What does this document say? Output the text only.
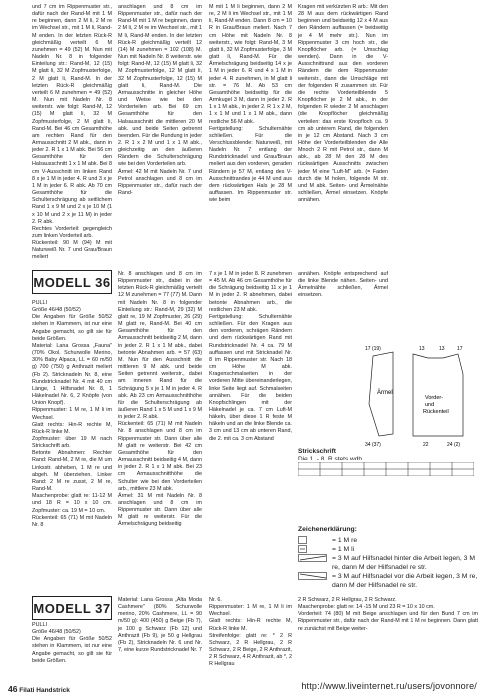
und 7 cm im Rippenmuster str., dafür nach der Rand-M mit 1 M re beginnen, dann 2 M li, 2 M re im Wechsel str., mit 1 M li, Rand-M enden. In der letzten Rück-R gleichmäßig verteilt 6 M zunehmen = 49 (52) M. Nun mit Nadeln Nr. 8 in folgender Einteilung str.: Rand-M, 12 (15) M glatt li, 32 M Zopfmusterfolge, 2 M glatt li, Rand-M. In der letzten Rück-R gleichmäßig verteilt 6 M zunehmen = 49 (52) M. Nun mit Nadeln Nr. 8 weiterstr. wie folgt: Rand-M, 12 (15) M glatt li, 32 M Zopfmusterfolge, 2 M glatt li, Rand-M. Bei 46 cm Gesamthöhe am rechten Rand für den Armausschnitt 2 M abk., dann in jeder 2. R 1 x 1 M abk. Bei 56 cm Gesamthöhe für den Halsausschnitt 1 x 1 M abk. Bei 8 cm V-Ausschnitt im linken Rand 8 x je 1 M in jeder 4. R und 3 x je 1 M in jeder 6. R abk. Ab 70 cm Gesamthöhe für die Schulterschrägung ab seitlichem Rand 1 x 9 M und 2 x je 10 M (1 x 10 M und 2 x je 11 M) in jeder 2. R abk.
Rechtes Vorderteil: gegengleich zum linken Vorderteil arb.
Rückenteil: 90 M (94) M mit Naturweiß Nr. 7 und Grau/Braun meliert
anschlagen und 8 cm im Rippenmuster str., dafür nach der Rand-M mit 1 M re beginnen, dann 2 M li, 2 M re im Wechsel str., mit 1 M li, Rand-M enden. In der letzten Rück-R gleichmäßig verteilt 12 (14) M zunehmen = 102 (108) M. Nun mit Nadeln Nr. 8 weiterstr. wie folgt: Rand-M, 12 (15) M glatt li, 32 M Zopfmusterfolge, 12 M glatt li, 32 M Zopfmusterfolge, 12 (15) M glatt li, Rand-M. Die Armausschnitte in gleicher Höhe und Weise wie bei den Vorderteilen arb. Bei 69 cm Gesamthöhe für den Halsausschnitt die mittleren 20 M abk. und beide Seiten getrennt beenden. Für die Rundung in jeder 2. R 1 x 2 M und 1 x 1 M abk., gleichzeitig an den äußeren Rändern die Schulterschrägung wie bei den Vorderteilen arb.
Ärmel: 42 M mit Nadeln Nr. 7 und Petrol anschlagen und 8 cm im Rippenmuster str., dafür nach der Rand-
M mit 1 M li beginnen, dann 2 M re, 2 M li im Wechsel str., mit 1 M li, Rand-M enden. Dann 8 cm = 10 R in Grau/Braun meliert. Nach 7 cm Höhe mit Nadeln Nr. 8 weiterstr., wie folgt: Rand-M, 3 M glatt li, 32 M Zopfmusterfolge, 3 M glatt li, Rand-M. Für die Ärmelschrägung beidseitig 14 x je 1 M in jeder 6. R und 4 x 1 M in jeder 4. R zunehmen, in M glatt li str. = 76 M. Ab 53 cm Gesamthöhe beidseitig für die Armkugel 3 M, dann in jeder 2. R 1 x 1 M abk., in jeder 2. R 1 x 2 M, 1 x 1 M und 1 x 1 M abk., dann restliche 56 M abk.
Fertigstellung: Schulternähte schließen. Für die Verschlussblende: Naturweiß, mit Nadeln Nr. 7 entlang der Rundstricknadel und Grau/Braun meliert aus den vorderen, geraden Rändern je 57 M, entlang des V-Ausschnittrandes je 44 M und aus dem rückwärtigen Hals je 28 M auffassen. Im Rippenmuster str. wie beim
Kragen mit verkürzten R arb.: Mit den 28 M aus dem rückwärtigen Rand beginnen und beidseitig 12 x 4 M aus den Rändern auffassen (= beidseitig je 4 M mehr str.). Nun im Rippenmuster 3 cm hoch str., die Knopflöcher arb. (= Umschlag wenden). Dann in die V-Ausschnittrand aus den vorderen Rändern die dem Rippenmuster weiterstr., dann die Umschläge mit der folgenden R zusammen str. Für die rechte Vorderteilblende 5 Knopflöcher je 2 M abk., in der folgenden R wieder 2 M anschlagen (die Knopflöcher gleichmäßig verteilen: das erste Knopfloch ca. 9 cm ab unterem Rand, die folgenden in je 12 cm Abstand. Nach 3 cm Höhe der Vorderteilblenden die Alle Mnoch 2 R mit Petrol str., dann M abk., ab 28 M den 28 M des rückwärtigen Ausschnitts zwischen jeder M eine "Luft-M" arb. (= Faden durch die M holen, folgende M str. und M abk. Seiten- und Ärmelnähte schließen, Ärmel einsetzen. Knöpfe annähen.
MODELL 36
PULLI
Größe 46/48 (50/52)
Die Angaben für Größe 50/52 stehen in Klammern, ist nur eine Angabe gemacht, so gilt sie für beide Größen.
Material: Lana Grossa „Fauna" (70% Okol. Schurwolle Merino, 30% Baby Alpaca, LL = 60 m/50 g) 700 (750) g Anthrazit meliert (Fb 2). Stricknadeln Nr. 8, eine Rundstricknadel Nr. 4 mit 40 cm Länge, 1 Hilfsnadel Nr. 8, 1 Häkelnadel Nr. 6, 2 Knöpfe (von Union Knopf).
Rippenmuster: 1 M re, 1 M li im Wechsel.
Glatt rechts: Hin-R rechte M, Rück-R linke M.
Zopfmuster: über 19 M nach Strickschrift arb.
Betonte Abnahmen: Rechter Rand: Rand-M, 2 M re, die M um Linksstr. abheben, 1 M re und abgeh. M überziehen. Linker Rand: 2 M re zusst, 2 M re, Rand-M.
Maschenprobe: glatt re: 11-12 M und 18 R = 10 x 10 cm. Zopfmuster: ca. 19 M = 10 cm.
Rückenteil: 65 (71) M mit Nadeln Nr. 8
Nr. 8 anschlagen und 8 cm im Rippenmuster str., dabei in der letzten Rück-R gleichmäßig verteilt 12 M zunehmen = 77 (77) M. Dann mit Nadeln Nr. 8 in folgender Einteilung str.: Rand-M, 29 (32) M glatt re, 19 M Zopfmuster, 26 (29) M glatt re, Rand-M. Bei 40 cm Gesamthöhe für den Armausschnitt beidseitig 2 M, dann in jeder 2. R 1 x 1 M abk., dabei betonte Abnahmen arb. = 57 (63) M. Nun für den Ausschnitt die mittleren 9 M abk. und beide Seiten getrennt weiterstr., dabei am inneren Rand für die Schrägung 5 x je 1 M in jeder 4. R abk. Ab 23 cm Armausschnitthöhe für die Schulterschrägung ab äußeren Rand 1 x 5 M und 1 x 9 M in jeder 2. R abk.
Rückenteil: 65 (71) M mit Nadeln Nr. 8 anschlagen und 8 cm im Rippenmuster str. Dann über alle M glatt re weiterstr. Bei 42 cm Gesamthöhe für den Armausschnitt beidseitig 4 M, dann in jeder 2. R 1 x 1 M abk. Bei 23 cm Armausschnitthöhe die Schulter wie bei den Vorderteilen arb., mittlere 23 M abk.
Ärmel: 31 M mit Nadeln Nr. 8 anschlagen und 8 cm im Rippenmuster str. Dann über alle M glatt re weiterstr. Für die Ärmelschrägung beidseitig
7 x je 1 M in jeder 8. R zunehmen = 45 M. Ab 46 cm Gesamthöhe für die Schrägung beidseitig 11 x je 1 M in jeder 2. R abnehmen, dabei betonte Abnahmen arb., die restlichen 23 M abk.
Fertigstellung: Schulternähte schließen. Für den Kragen aus den vorderen, schrägen Rändern und dem rückwärtigen Rand mit Rundstricknadel Nr. 4 ca. 79 M auffassen und mit Stricknadel Nr. 8 im Rippenmuster str. Nach 18 cm Höhe M abk. Kragenschmalseiten in der vorderen Mitte übereinanderlegen, linke Seite liegt auf. Schmalseiten annähen. Für die beiden Knopfschlingen mit der Häkelnadel je ca. 7 cm Luft-M häkeln, über diese 1 R feste M häkeln und an die linke Blende ca. 3 cm und 13 cm ab unteren Rand, die 2. mit ca. 3 cm Abstand
annähen. Knöpfe entsprechend auf die linke Blende nähen. Seiten- und Ärmelnähte schließen, Ärmel einsetzen.
Ärmel
Vorder-
und
Rückenteil
17 (19)	13	13 17
34 (37)	22	24 (2)

Strickschrift
Die 1. - 8. R stets wdh

Zeichenerklärung:
= 1 M re
= 1 M li
= 3 M auf Hilfsnadel hinter die Arbeit legen, 3 M re, dann M der Hilfsnadel re str.
= 3 M auf Hilfsnadel vor die Arbeit legen, 3 M re, dann M der Hilfsnadel re str.
MODELL 37
PULLI
Größe 46/48 (50/52)
Die Angaben für Größe 50/52 stehen in Klammern, ist nur eine Angabe gemacht, so gilt sie für beide Größen.
Material: Lana Grossa „Alta Moda Cashmere" (80% Schurwolle merino, 20% Cashmere, LL = 90 m/50 g): 400 (450) g Beige (Fb 7), je 100 g Schwarz (Fb 12) und Anthrazit (Fb 9), je 50 g Hellgrau (Fb 2), Stricknadeln Nr. 6 und Nr. 7, eine kurze Rundstricknadel Nr. 7
Nr. 6.
Rippenmuster: 1 M re, 1 M li im Wechsel.
Glatt rechts: Hin-R rechte M, Rück-R linke M.
Streifenfolge: glatt re: * 2 R Schwarz, 2 R Hellgrau, 2 R Schwarz, 2 R Beige, 2 R Anthrazit, 2 R Schwarz, 4 R Anthrazit, ab *, 2 R Hellgrau
2 R Schwarz, 2 R Hellgrau, 2 R Schwarz.
Maschenprobe: glatt re: 14 -15 M und 23 R = 10 x 10 cm.
Vorderteil: 74 (80) M mit Beige anschlagen und für den Bund 7 cm im Rippenmuster str., dafür nach der Rand-M mit 1 M re beginnen. Dann glatt re zunächst mit Beige weiter-
46 Filati Handstrick	http://www.liveinternet.ru/users/jovonnore/
